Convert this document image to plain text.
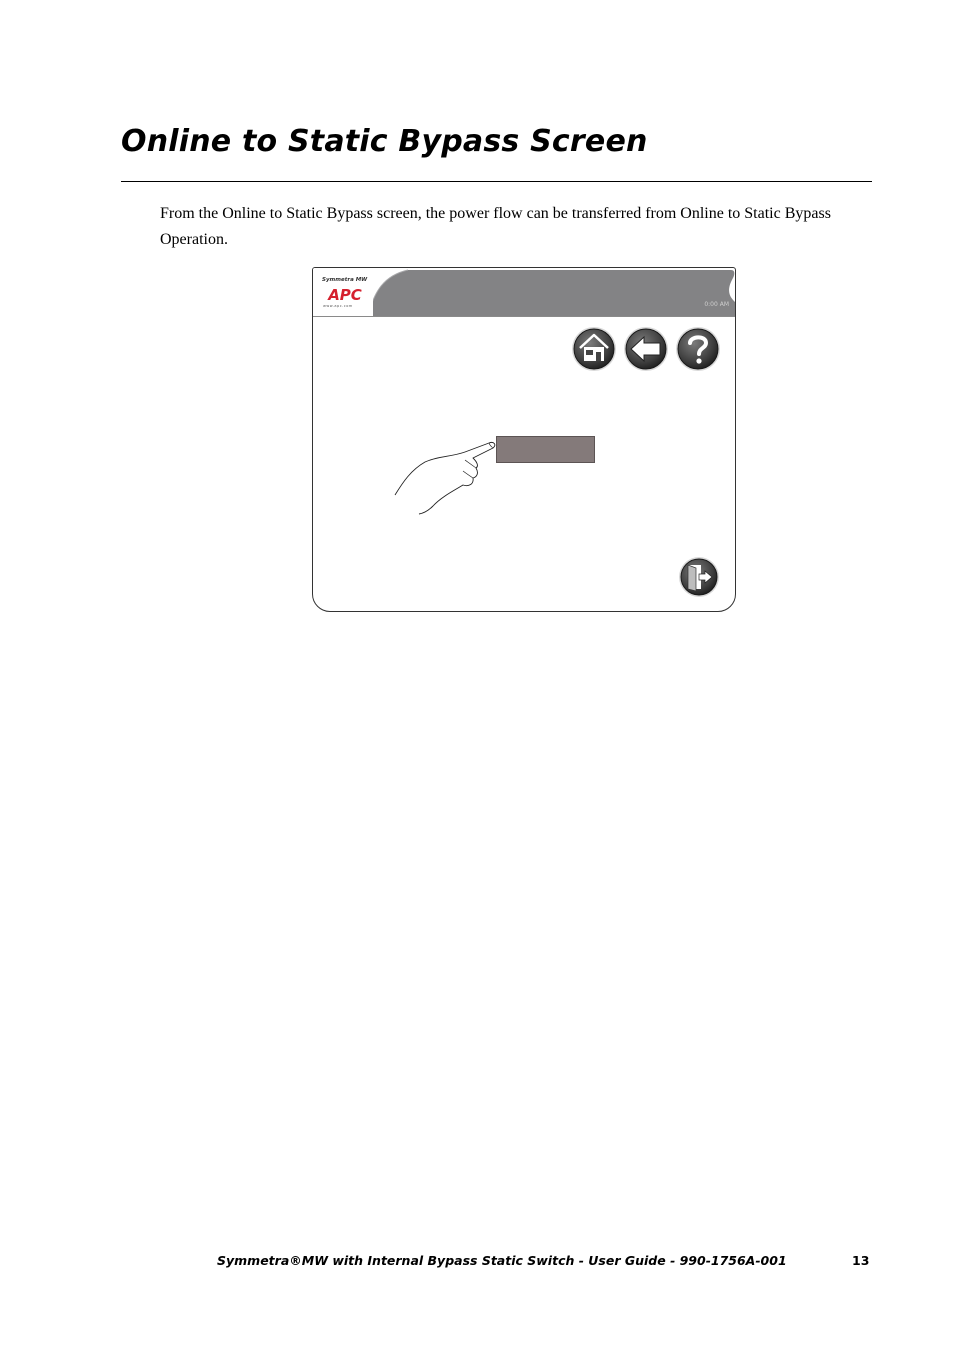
Online to Static Bypass Screen

From the Online to Static Bypass screen, the power flow can be transferred from Online to Static Bypass Operation.

Symmetra MW
APC
www.apc.com	0:00 AM

Symmetra®MW with Internal Bypass Static Switch - User Guide - 990-1756A-001	13
